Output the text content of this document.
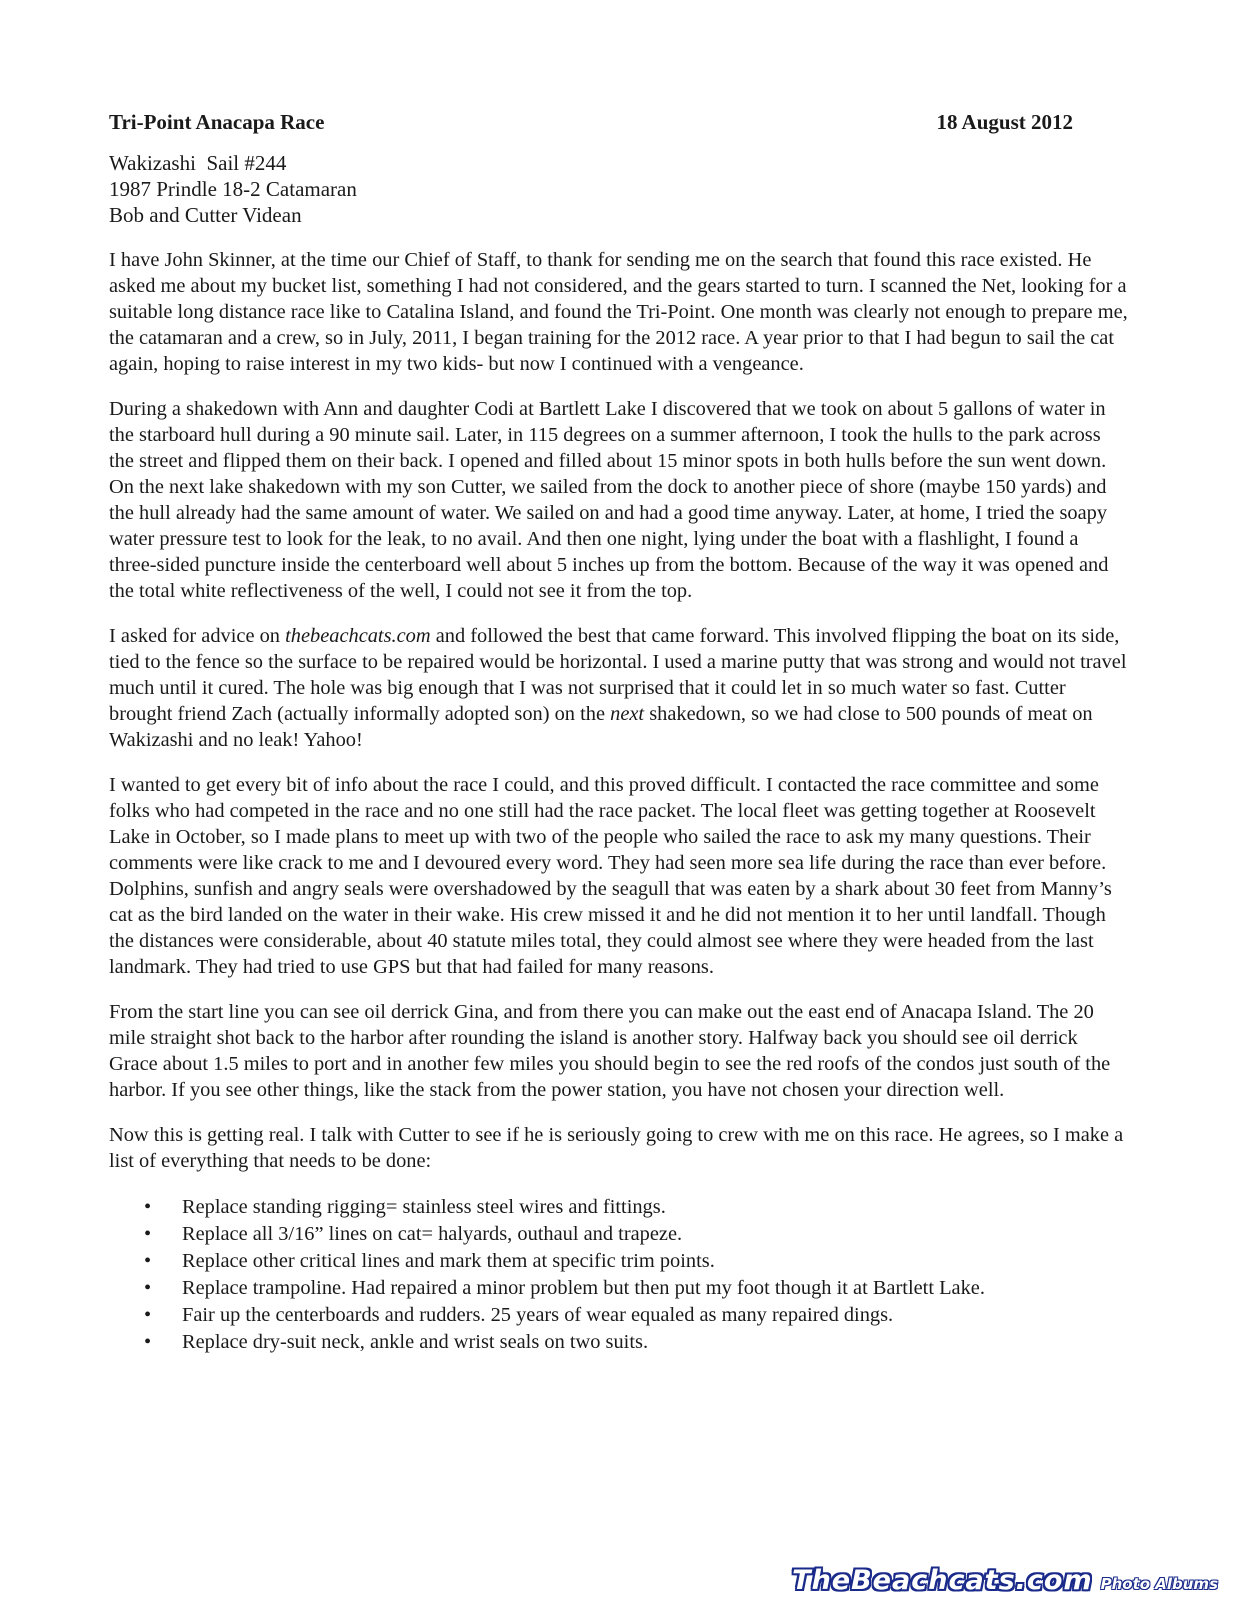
Tri-Point Anacapa Race	18 August 2012
Wakizashi  Sail #244
1987 Prindle 18-2 Catamaran
Bob and Cutter Videan

I have John Skinner, at the time our Chief of Staff, to thank for sending me on the search that found this race existed. He asked me about my bucket list, something I had not considered, and the gears started to turn. I scanned the Net, looking for a suitable long distance race like to Catalina Island, and found the Tri-Point. One month was clearly not enough to prepare me, the catamaran and a crew, so in July, 2011, I began training for the 2012 race. A year prior to that I had begun to sail the cat again, hoping to raise interest in my two kids- but now I continued with a vengeance.

During a shakedown with Ann and daughter Codi at Bartlett Lake I discovered that we took on about 5 gallons of water in the starboard hull during a 90 minute sail. Later, in 115 degrees on a summer afternoon, I took the hulls to the park across the street and flipped them on their back. I opened and filled about 15 minor spots in both hulls before the sun went down. On the next lake shakedown with my son Cutter, we sailed from the dock to another piece of shore (maybe 150 yards) and the hull already had the same amount of water. We sailed on and had a good time anyway. Later, at home, I tried the soapy water pressure test to look for the leak, to no avail. And then one night, lying under the boat with a flashlight, I found a three-sided puncture inside the centerboard well about 5 inches up from the bottom. Because of the way it was opened and the total white reflectiveness of the well, I could not see it from the top.

I asked for advice on thebeachcats.com and followed the best that came forward. This involved flipping the boat on its side, tied to the fence so the surface to be repaired would be horizontal. I used a marine putty that was strong and would not travel much until it cured. The hole was big enough that I was not surprised that it could let in so much water so fast. Cutter brought friend Zach (actually informally adopted son) on the next shakedown, so we had close to 500 pounds of meat on Wakizashi and no leak! Yahoo!

I wanted to get every bit of info about the race I could, and this proved difficult. I contacted the race committee and some folks who had competed in the race and no one still had the race packet. The local fleet was getting together at Roosevelt Lake in October, so I made plans to meet up with two of the people who sailed the race to ask my many questions. Their comments were like crack to me and I devoured every word. They had seen more sea life during the race than ever before. Dolphins, sunfish and angry seals were overshadowed by the seagull that was eaten by a shark about 30 feet from Manny’s cat as the bird landed on the water in their wake. His crew missed it and he did not mention it to her until landfall. Though the distances were considerable, about 40 statute miles total, they could almost see where they were headed from the last landmark. They had tried to use GPS but that had failed for many reasons.

From the start line you can see oil derrick Gina, and from there you can make out the east end of Anacapa Island. The 20 mile straight shot back to the harbor after rounding the island is another story. Halfway back you should see oil derrick Grace about 1.5 miles to port and in another few miles you should begin to see the red roofs of the condos just south of the harbor. If you see other things, like the stack from the power station, you have not chosen your direction well.

Now this is getting real. I talk with Cutter to see if he is seriously going to crew with me on this race. He agrees, so I make a list of everything that needs to be done:

• Replace standing rigging= stainless steel wires and fittings.
• Replace all 3/16” lines on cat= halyards, outhaul and trapeze.
• Replace other critical lines and mark them at specific trim points.
• Replace trampoline. Had repaired a minor problem but then put my foot though it at Bartlett Lake.
• Fair up the centerboards and rudders. 25 years of wear equaled as many repaired dings.
• Replace dry-suit neck, ankle and wrist seals on two suits.
TheBeachcats.com Photo Albums
